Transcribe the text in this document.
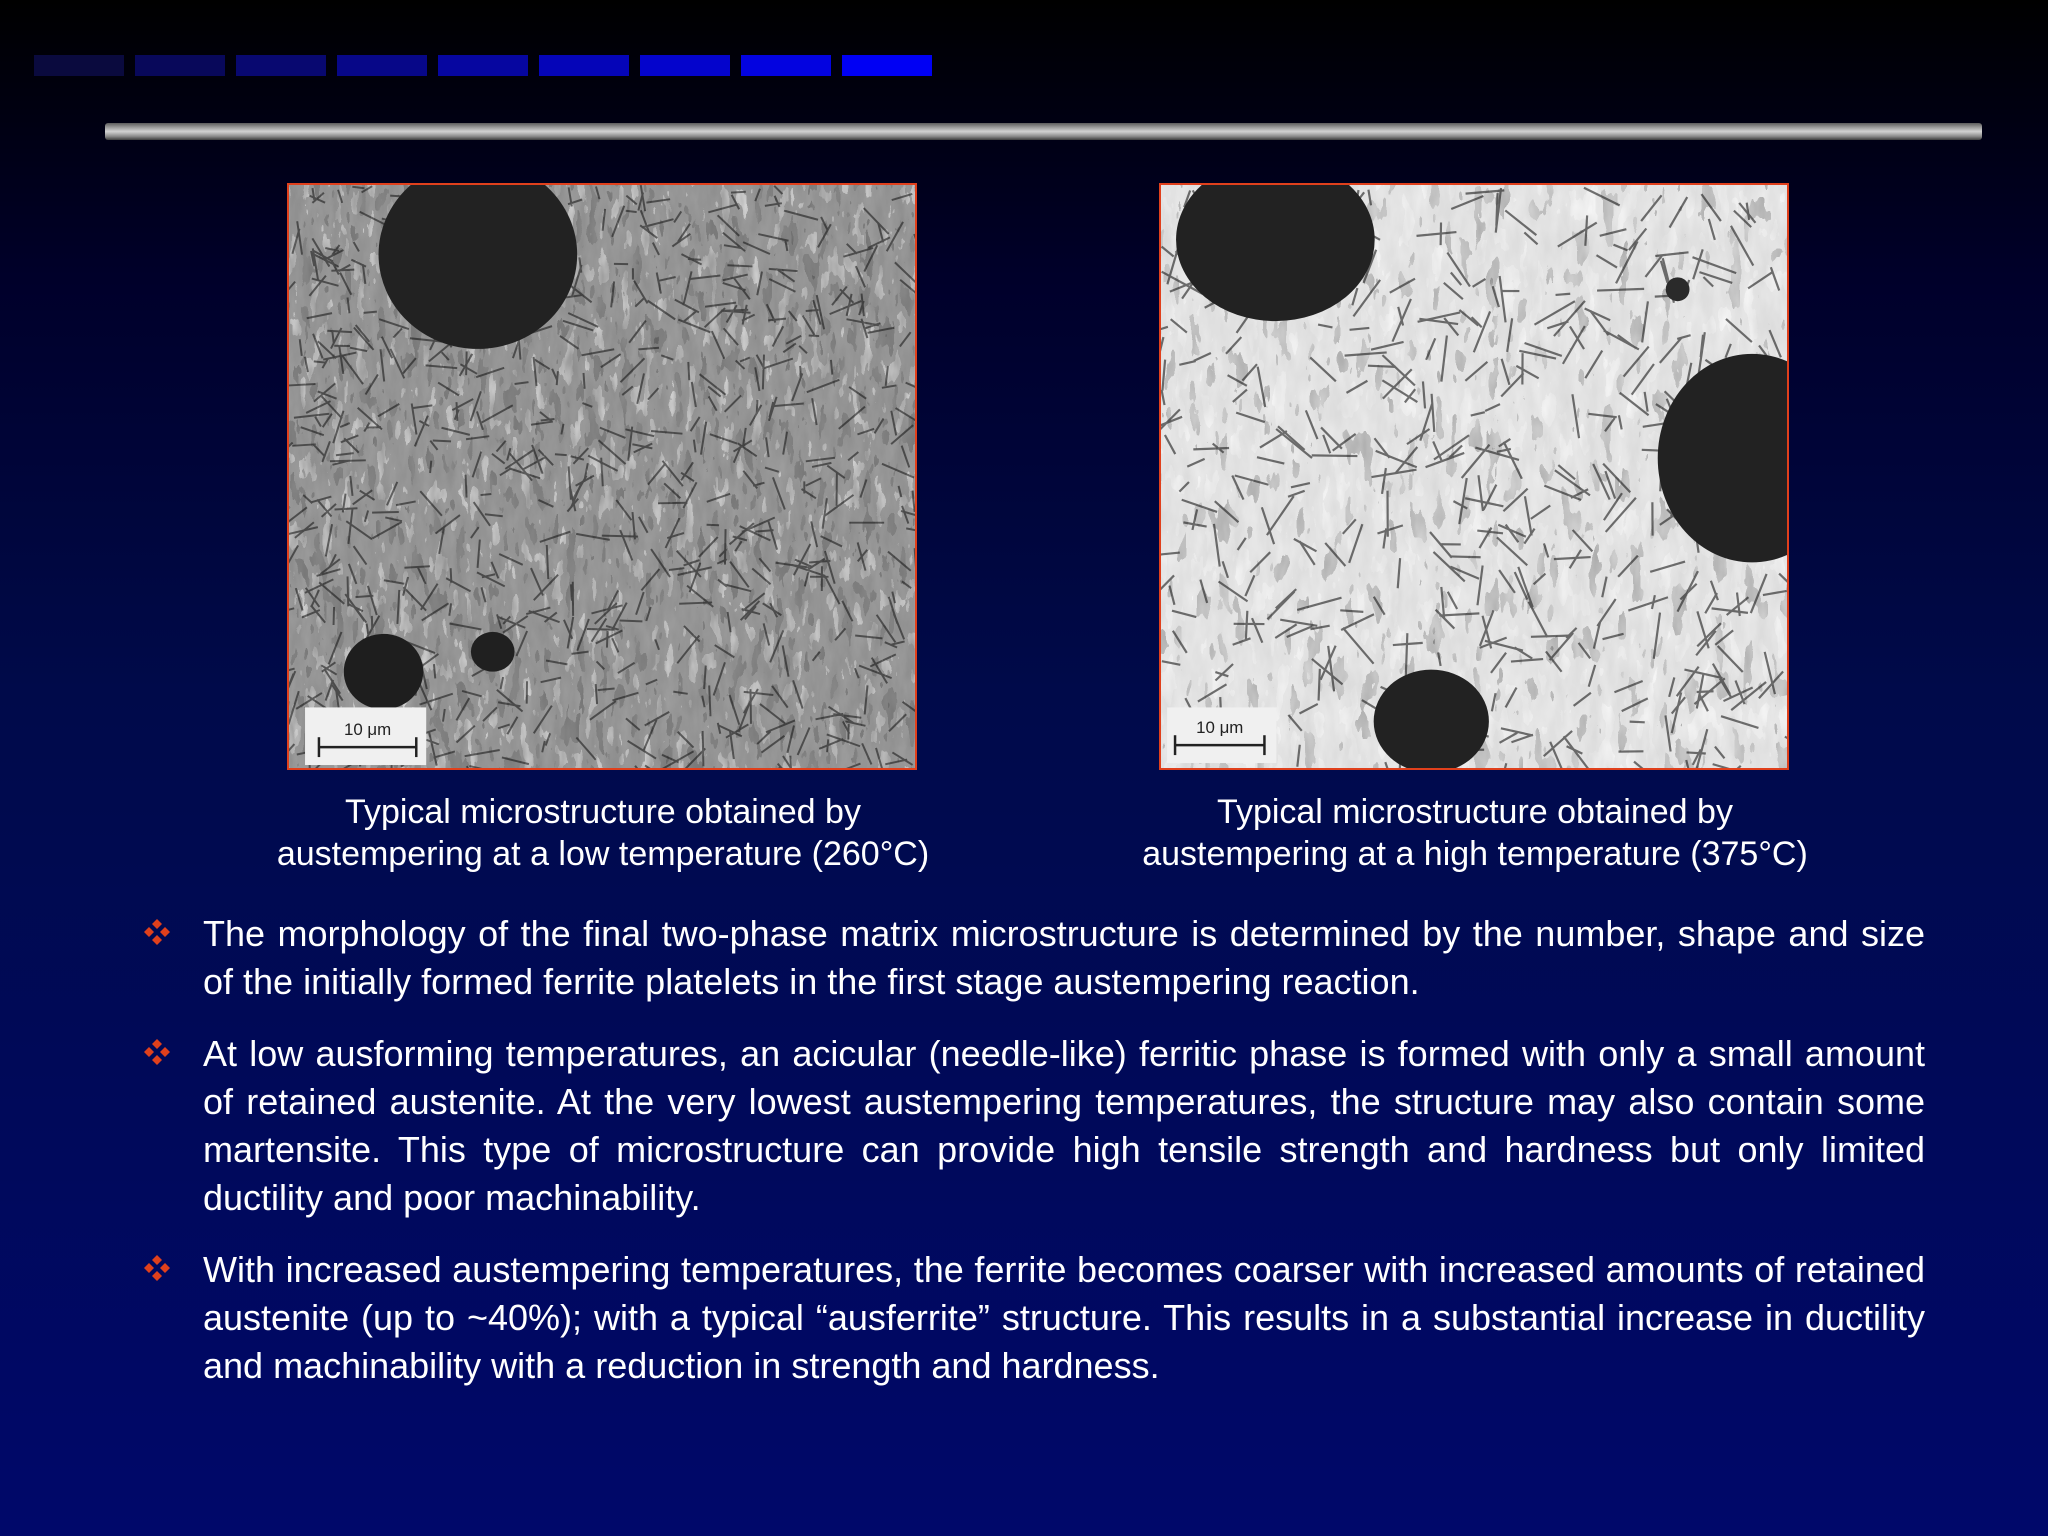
10 μm
Typical microstructure obtained by
austempering at a low temperature (260°C)
10 μm
Typical microstructure obtained by
austempering at a high temperature (375°C)
The morphology of the final two-phase matrix microstructure is determined by the number, shape and size of the initially formed ferrite platelets in the first stage austempering reaction.
At low ausforming temperatures, an acicular (needle-like) ferritic phase is formed with only a small amount of retained austenite. At the very lowest austempering temperatures, the structure may also contain some martensite. This type of microstructure can provide high tensile strength and hardness but only limited ductility and poor machinability.
With increased austempering temperatures, the ferrite becomes coarser with increased amounts of retained austenite (up to ~40%); with a typical “ausferrite” structure. This results in a substantial increase in ductility and machinability with a reduction in strength and hardness.
